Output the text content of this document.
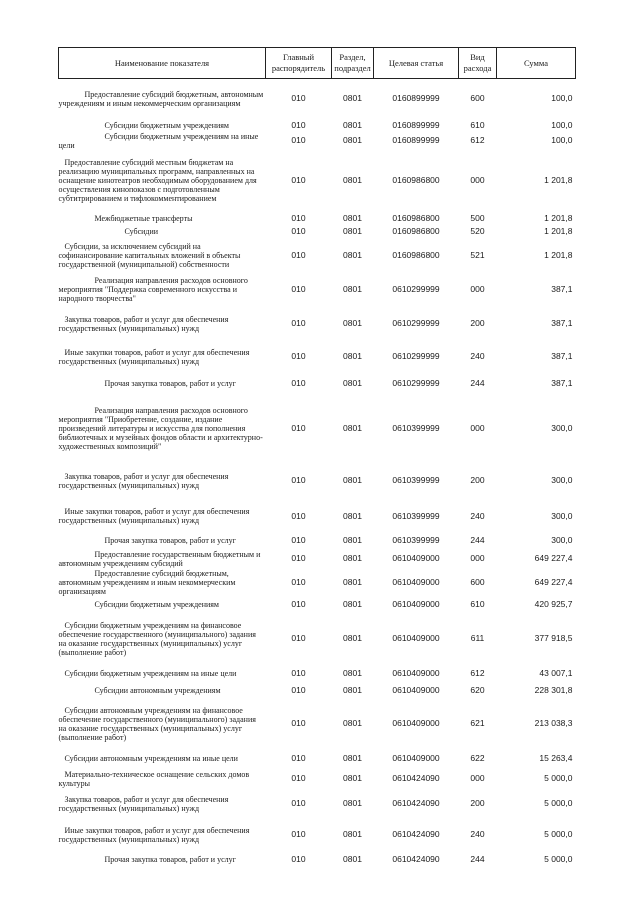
Наименование показателя	Главный распорядитель	Раздел, подраздел	Целевая статья	Вид расхода	Сумма

Предоставление субсидий бюджетным, автономным учреждениям и иным некоммерческим организациям	010	0801	0160899999	600	100,0

Субсидии бюджетным учреждениям	010	0801	0160899999	610	100,0

Субсидии бюджетным учреждениям на иные цели	010	0801	0160899999	612	100,0

Предоставление субсидий местным бюджетам на реализацию муниципальных программ, направленных на оснащение кинотеатров необходимым оборудованием для осуществления кинопоказов с подготовленным субтитрированием и тифлокомментированием	010	0801	0160986800	000	1 201,8

Межбюджетные трансферты	010	0801	0160986800	500	1 201,8

Субсидии	010	0801	0160986800	520	1 201,8

Субсидии, за исключением субсидий на софинансирование капитальных вложений в объекты государственной (муниципальной) собственности	010	0801	0160986800	521	1 201,8

Реализация направления расходов основного мероприятия "Поддержка современного искусства и народного творчества"	010	0801	0610299999	000	387,1

Закупка товаров, работ и услуг для обеспечения государственных (муниципальных) нужд	010	0801	0610299999	200	387,1

Иные закупки товаров, работ и услуг для обеспечения государственных (муниципальных) нужд	010	0801	0610299999	240	387,1

Прочая закупка товаров, работ и услуг	010	0801	0610299999	244	387,1

Реализация направления расходов основного мероприятия "Приобретение, создание, издание произведений литературы и искусства для пополнения библиотечных и музейных фондов области и архитектурно-художественных композиций"	010	0801	0610399999	000	300,0

Закупка товаров, работ и услуг для обеспечения государственных (муниципальных) нужд	010	0801	0610399999	200	300,0

Иные закупки товаров, работ и услуг для обеспечения государственных (муниципальных) нужд	010	0801	0610399999	240	300,0

Прочая закупка товаров, работ и услуг	010	0801	0610399999	244	300,0

Предоставление государственным бюджетным и автономным учреждениям субсидий	010	0801	0610409000	000	649 227,4

Предоставление субсидий бюджетным, автономным учреждениям и иным некоммерческим организациям	010	0801	0610409000	600	649 227,4

Субсидии бюджетным учреждениям	010	0801	0610409000	610	420 925,7

Субсидии бюджетным учреждениям на финансовое обеспечение государственного (муниципального) задания на оказание государственных (муниципальных) услуг (выполнение работ)	010	0801	0610409000	611	377 918,5

Субсидии бюджетным учреждениям на иные цели	010	0801	0610409000	612	43 007,1

Субсидии автономным учреждениям	010	0801	0610409000	620	228 301,8

Субсидии автономным учреждениям на финансовое обеспечение государственного (муниципального) задания на оказание государственных (муниципальных) услуг (выполнение работ)	010	0801	0610409000	621	213 038,3

Субсидии автономным учреждениям на иные цели	010	0801	0610409000	622	15 263,4

Материально-техническое оснащение сельских домов культуры	010	0801	0610424090	000	5 000,0

Закупка товаров, работ и услуг для обеспечения государственных (муниципальных) нужд	010	0801	0610424090	200	5 000,0

Иные закупки товаров, работ и услуг для обеспечения государственных (муниципальных) нужд	010	0801	0610424090	240	5 000,0

Прочая закупка товаров, работ и услуг	010	0801	0610424090	244	5 000,0
